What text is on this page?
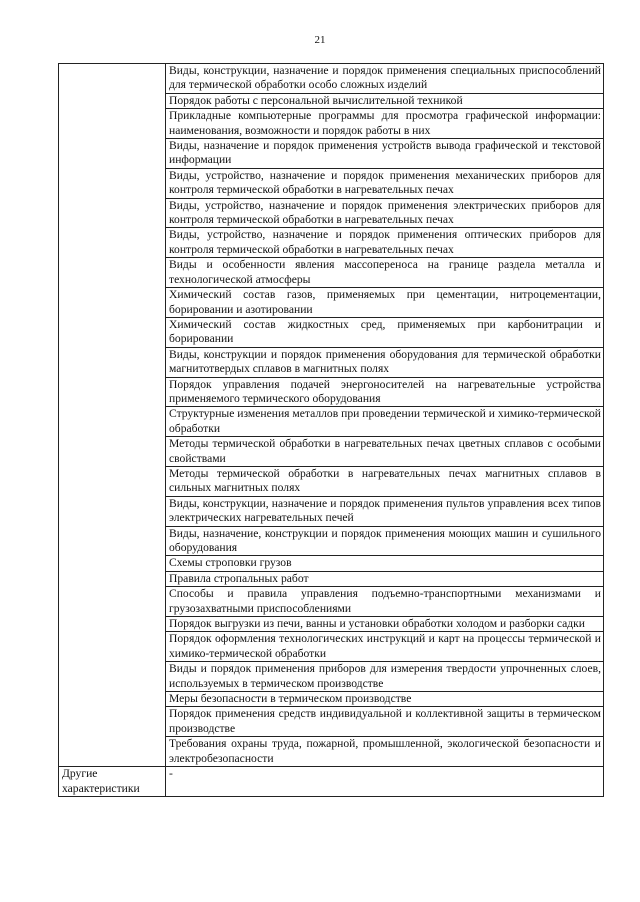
21

	Виды, конструкции, назначение и порядок применения специальных приспособлений для термической обработки особо сложных изделий

	Порядок работы с персональной вычислительной техникой

	Прикладные компьютерные программы для просмотра графической информации: наименования, возможности и порядок работы в них

	Виды, назначение и порядок применения устройств вывода графической и текстовой информации

	Виды, устройство, назначение и порядок применения механических приборов для контроля термической обработки в нагревательных печах

	Виды, устройство, назначение и порядок применения электрических приборов для контроля термической обработки в нагревательных печах

	Виды, устройство, назначение и порядок применения оптических приборов для контроля термической обработки в нагревательных печах

	Виды и особенности явления массопереноса на границе раздела металла и технологической атмосферы

	Химический состав газов, применяемых при цементации, нитроцементации, борировании и азотировании

	Химический состав жидкостных сред, применяемых при карбонитрации и борировании

	Виды, конструкции и порядок применения оборудования для термической обработки магнитотвердых сплавов в магнитных полях

	Порядок управления подачей энергоносителей на нагревательные устройства применяемого термического оборудования

	Структурные изменения металлов при проведении термической и химико-термической обработки

	Методы термической обработки в нагревательных печах цветных сплавов с особыми свойствами

	Методы термической обработки в нагревательных печах магнитных сплавов в сильных магнитных полях

	Виды, конструкции, назначение и порядок применения пультов управления всех типов электрических нагревательных печей

	Виды, назначение, конструкции и порядок применения моющих машин и сушильного оборудования

	Схемы строповки грузов

	Правила стропальных работ

	Способы и правила управления подъемно-транспортными механизмами и грузозахватными приспособлениями

	Порядок выгрузки из печи, ванны и установки обработки холодом и разборки садки

	Порядок оформления технологических инструкций и карт на процессы термической и химико-термической обработки

	Виды и порядок применения приборов для измерения твердости упрочненных слоев, используемых в термическом производстве

	Меры безопасности в термическом производстве

	Порядок применения средств индивидуальной и коллективной защиты в термическом производстве

	Требования охраны труда, пожарной, промышленной, экологической безопасности и электробезопасности

Другие характеристики	-
